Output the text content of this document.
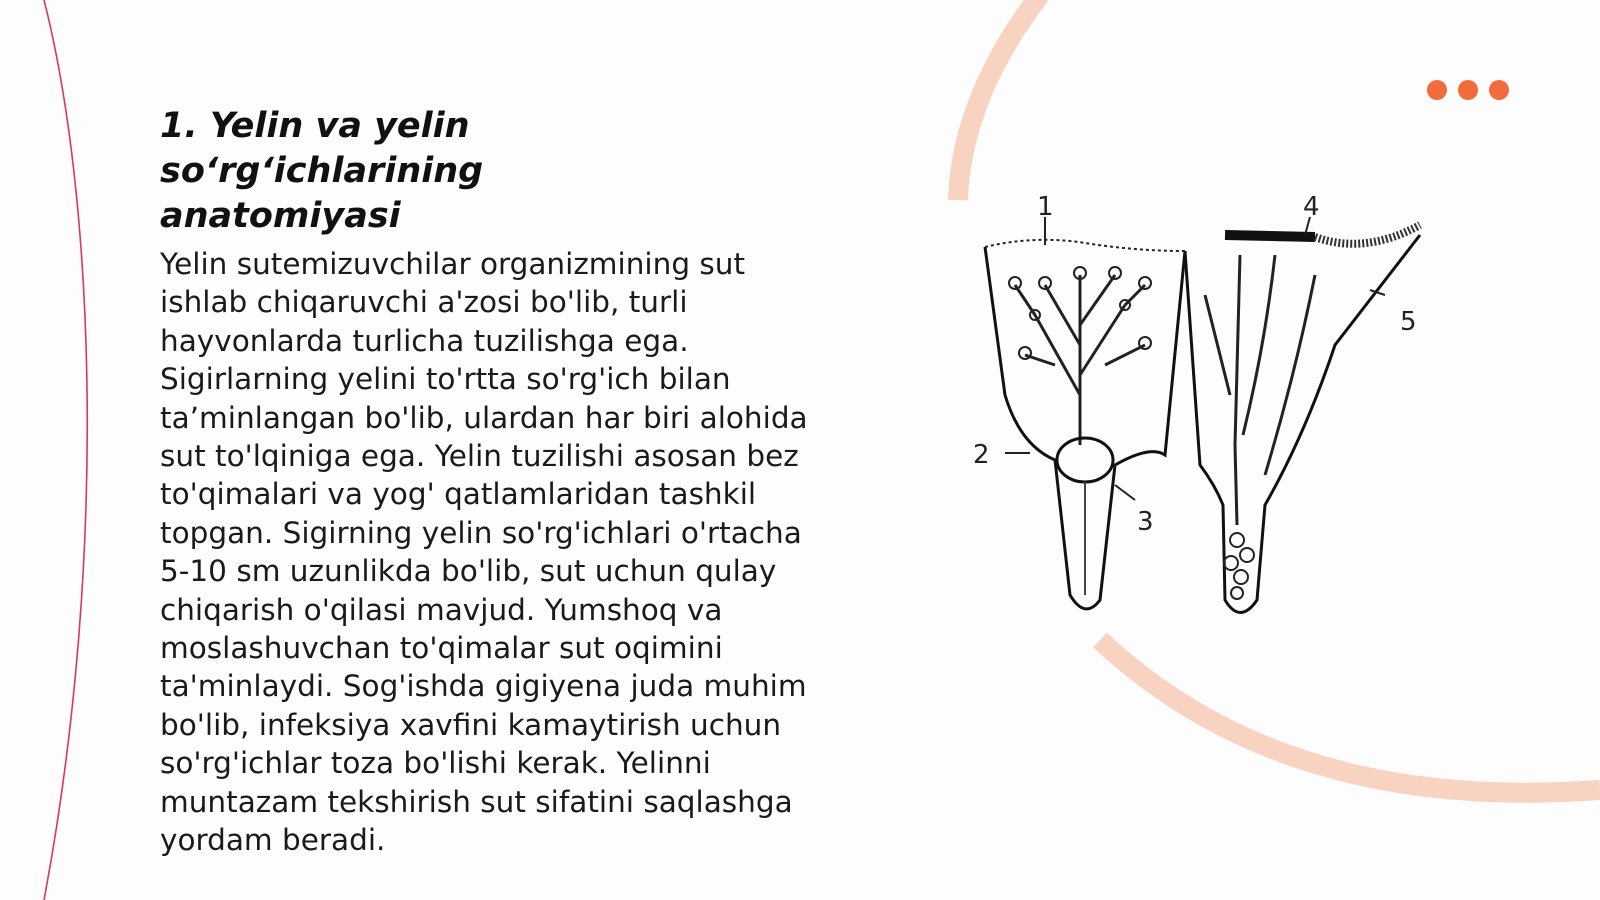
1. Yelin va yelin so‘rg‘ichlarining
anatomiyasi

Yelin sutemizuvchilar organizmining sut
ishlab chiqaruvchi a'zosi bo'lib, turli
hayvonlarda turlicha tuzilishga ega.
Sigirlarning yelini to'rtta so'rg'ich bilan
ta’minlangan bo'lib, ulardan har biri alohida
sut to'lqiniga ega. Yelin tuzilishi asosan bez
to'qimalari va yog' qatlamlaridan tashkil
topgan. Sigirning yelin so'rg'ichlari o'rtacha
5-10 sm uzunlikda bo'lib, sut uchun qulay
chiqarish o'qilasi mavjud. Yumshoq va
moslashuvchan to'qimalar sut oqimini
ta'minlaydi. Sog'ishda gigiyena juda muhim
bo'lib, infeksiya xavfini kamaytirish uchun
so'rg'ichlar toza bo'lishi kerak. Yelinni
muntazam tekshirish sut sifatini saqlashga
yordam beradi.

1
2
3
4
5
